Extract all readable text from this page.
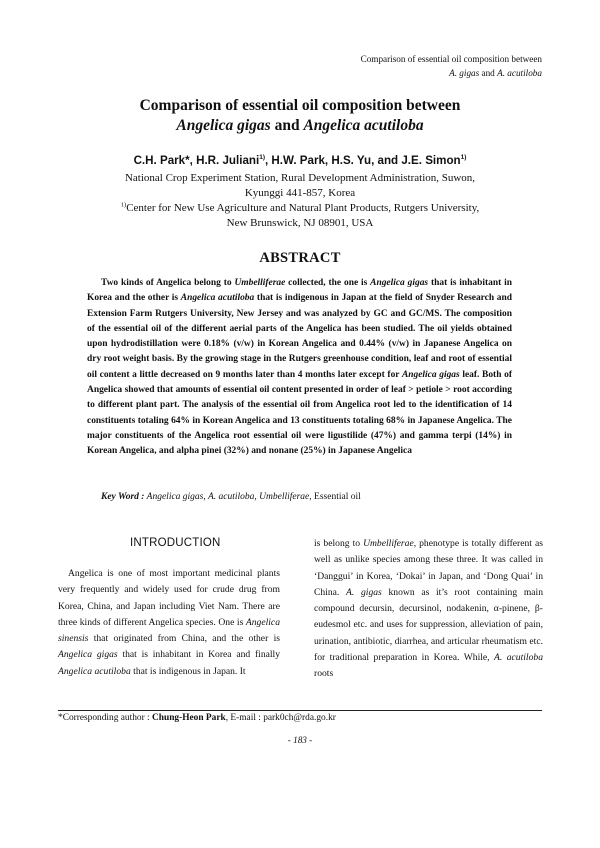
Comparison of essential oil composition between
A. gigas and A. acutiloba
Comparison of essential oil composition between
Angelica gigas and Angelica acutiloba
C.H. Park*, H.R. Juliani$^{1)}$, H.W. Park, H.S. Yu, and J.E. Simon$^{1)}$
National Crop Experiment Station, Rural Development Administration, Suwon,
Kyunggi 441-857, Korea
$^{1)}$Center for New Use Agriculture and Natural Plant Products, Rutgers University,
New Brunswick, NJ 08901, USA
ABSTRACT
Two kinds of Angelica belong to Umbelliferae collected, the one is Angelica gigas that is inhabitant in Korea and the other is Angelica acutiloba that is indigenous in Japan at the field of Snyder Research and Extension Farm Rutgers University, New Jersey and was analyzed by GC and GC/MS. The composition of the essential oil of the different aerial parts of the Angelica has been studied. The oil yields obtained upon hydrodistillation were 0.18% (v/w) in Korean Angelica and 0.44% (v/w) in Japanese Angelica on dry root weight basis. By the growing stage in the Rutgers greenhouse condition, leaf and root of essential oil content a little decreased on 9 months later than 4 months later except for Angelica gigas leaf. Both of Angelica showed that amounts of essential oil content presented in order of leaf > petiole > root according to different plant part. The analysis of the essential oil from Angelica root led to the identification of 14 constituents totaling 64% in Korean Angelica and 13 constituents totaling 68% in Japanese Angelica. The major constituents of the Angelica root essential oil were ligustilide (47%) and gamma terpi (14%) in Korean Angelica, and alpha pinei (32%) and nonane (25%) in Japanese Angelica
Key Word : Angelica gigas, A. acutiloba, Umbelliferae, Essential oil
INTRODUCTION
Angelica is one of most important medicinal plants very frequently and widely used for crude drug from Korea, China, and Japan including Viet Nam. There are three kinds of different Angelica species. One is Angelica sinensis that originated from China, and the other is Angelica gigas that is inhabitant in Korea and finally Angelica acutiloba that is indigenous in Japan. It
is belong to Umbelliferae, phenotype is totally different as well as unlike species among these three. It was called in ‘Danggui’ in Korea, ‘Dokai’ in Japan, and ‘Dong Quai’ in China. A. gigas known as it’s root containing main compound decursin, decursinol, nodakenin, α-pinene, β-eudesmol etc. and uses for suppression, alleviation of pain, urination, antibiotic, diarrhea, and articular rheumatism etc. for traditional preparation in Korea. While, A. acutiloba roots
*Corresponding author : Chung-Heon Park, E-mail : park0ch@rda.go.kr
- 183 -
